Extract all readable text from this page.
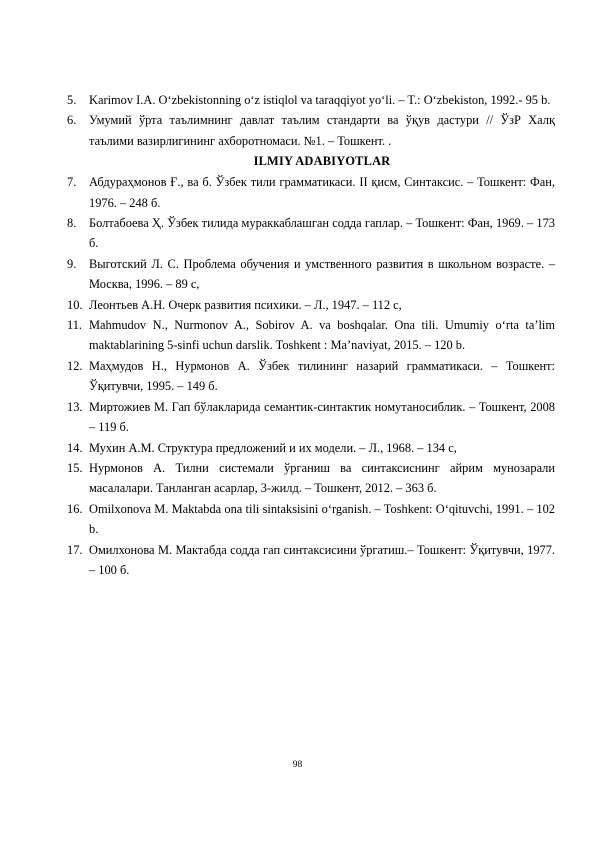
5. Karimov I.A. O‘zbekistonning o‘z istiqlol va taraqqiyot yo‘li. – T.: O‘zbekiston, 1992.- 95 b.
6. Умумий ўрта таълимнинг давлат таълим стандарти ва ўқув дастури // ЎзР Халқ таълими вазирлигининг ахборотномаси. №1. – Тошкент. .
ILMIY ADABIYOTLAR
7. Абдураҳмонов Ғ., ва б. Ўзбек тили грамматикаси. II қисм, Синтаксис. – Тошкент: Фан, 1976. – 248 б.
8. Болтабоева Ҳ. Ўзбек тилида мураккаблашган содда гаплар. – Тошкент: Фан, 1969. – 173 б.
9. Выготский Л. С. Проблема обучения и умственного развития в школьном возрасте. – Москва, 1996. – 89 с,
10. Леонтьев А.Н. Очерк развития психики. – Л., 1947. – 112 с,
11. Mahmudov N., Nurmonov A., Sobirov A. va boshqalar. Ona tili. Umumiy o‘rta ta’lim maktablarining 5-sinfi uchun darslik. Toshkent : Ma’naviyat, 2015. – 120 b.
12. Маҳмудов Н., Нурмонов А. Ўзбек тилининг назарий грамматикаси. – Тошкент: Ўқитувчи, 1995. – 149 б.
13. Миртожиев М. Гап бўлакларида семантик-синтактик номутаносиблик. – Тошкент, 2008 – 119 б.
14. Мухин А.М. Структура предложений и их модели. – Л., 1968. – 134 с,
15. Нурмонов А. Тилни системали ўрганиш ва синтаксиснинг айрим мунозарали масалалари. Танланган асарлар, 3-жилд. – Тошкент, 2012. – 363 б.
16. Omilxonova M. Maktabda ona tili sintaksisini o‘rganish. – Toshkent: O‘qituvchi, 1991. – 102 b.
17. Омилхонова М. Мактабда содда гап синтаксисини ўргатиш.– Тошкент: Ўқитувчи, 1977. – 100 б.
98
